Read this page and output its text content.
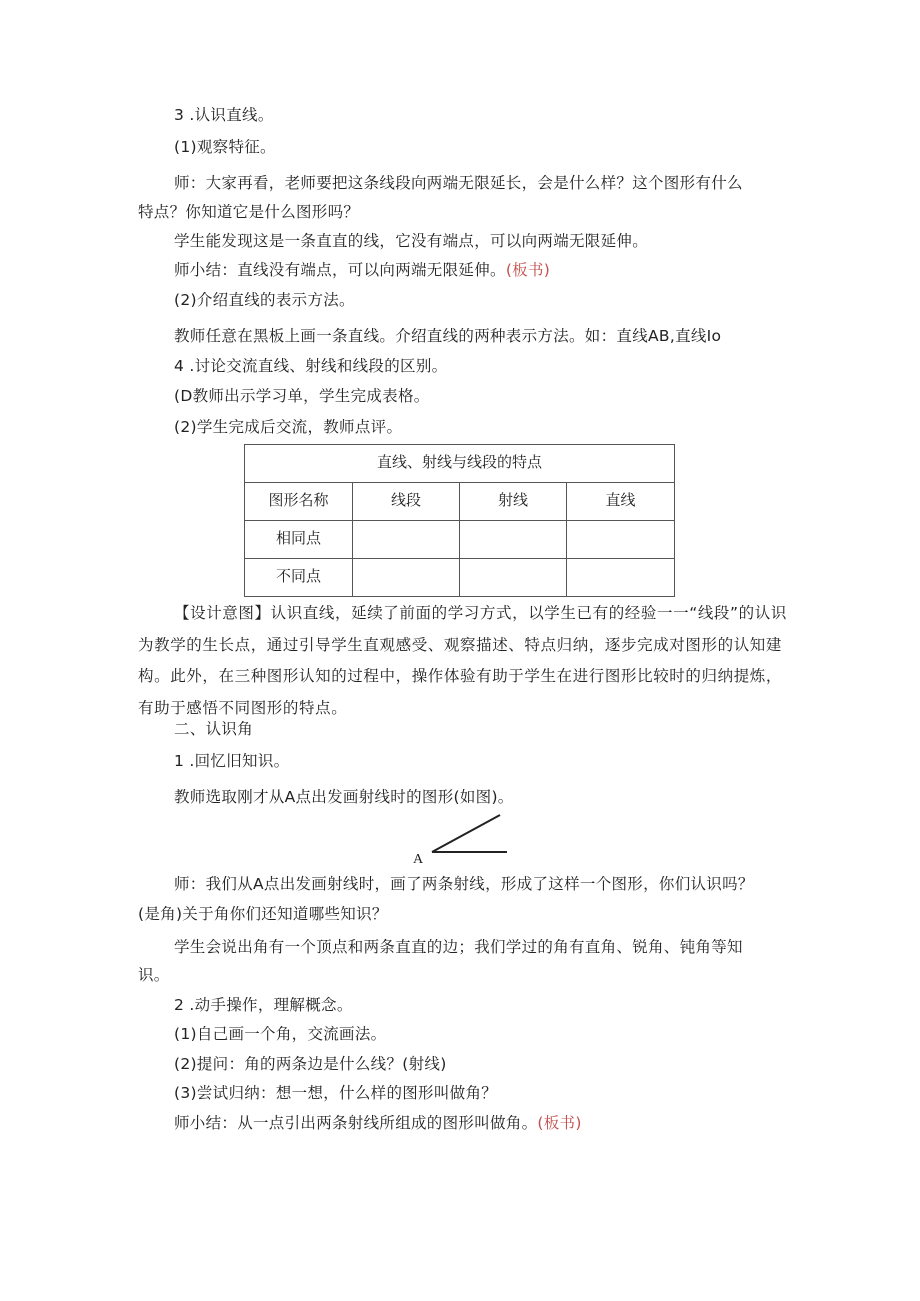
3 .认识直线。
(1)观察特征。
师：大家再看，老师要把这条线段向两端无限延长，会是什么样？这个图形有什么
特点？你知道它是什么图形吗？
学生能发现这是一条直直的线，它没有端点，可以向两端无限延伸。
师小结：直线没有端点，可以向两端无限延伸。(板书)
(2)介绍直线的表示方法。
教师任意在黑板上画一条直线。介绍直线的两种表示方法。如：直线AB,直线Io
4 .讨论交流直线、射线和线段的区别。
(D教师出示学习单，学生完成表格。
(2)学生完成后交流，教师点评。
直线、射线与线段的特点			
图形名称	线段	射线	直线
相同点			
不同点			
【设计意图】认识直线，延续了前面的学习方式，以学生已有的经验一一“线段”的认识为教学的生长点，通过引导学生直观感受、观察描述、特点归纳，逐步完成对图形的认知建构。此外，在三种图形认知的过程中，操作体验有助于学生在进行图形比较时的归纳提炼，有助于感悟不同图形的特点。
二、认识角
1 .回忆旧知识。
教师选取刚才从A点出发画射线时的图形(如图)。
A
师：我们从A点出发画射线时，画了两条射线，形成了这样一个图形，你们认识吗？
(是角)关于角你们还知道哪些知识？
学生会说出角有一个顶点和两条直直的边；我们学过的角有直角、锐角、钝角等知
识。
2 .动手操作，理解概念。
(1)自己画一个角，交流画法。
(2)提问：角的两条边是什么线？(射线)
(3)尝试归纳：想一想，什么样的图形叫做角？
师小结：从一点引出两条射线所组成的图形叫做角。(板书)
